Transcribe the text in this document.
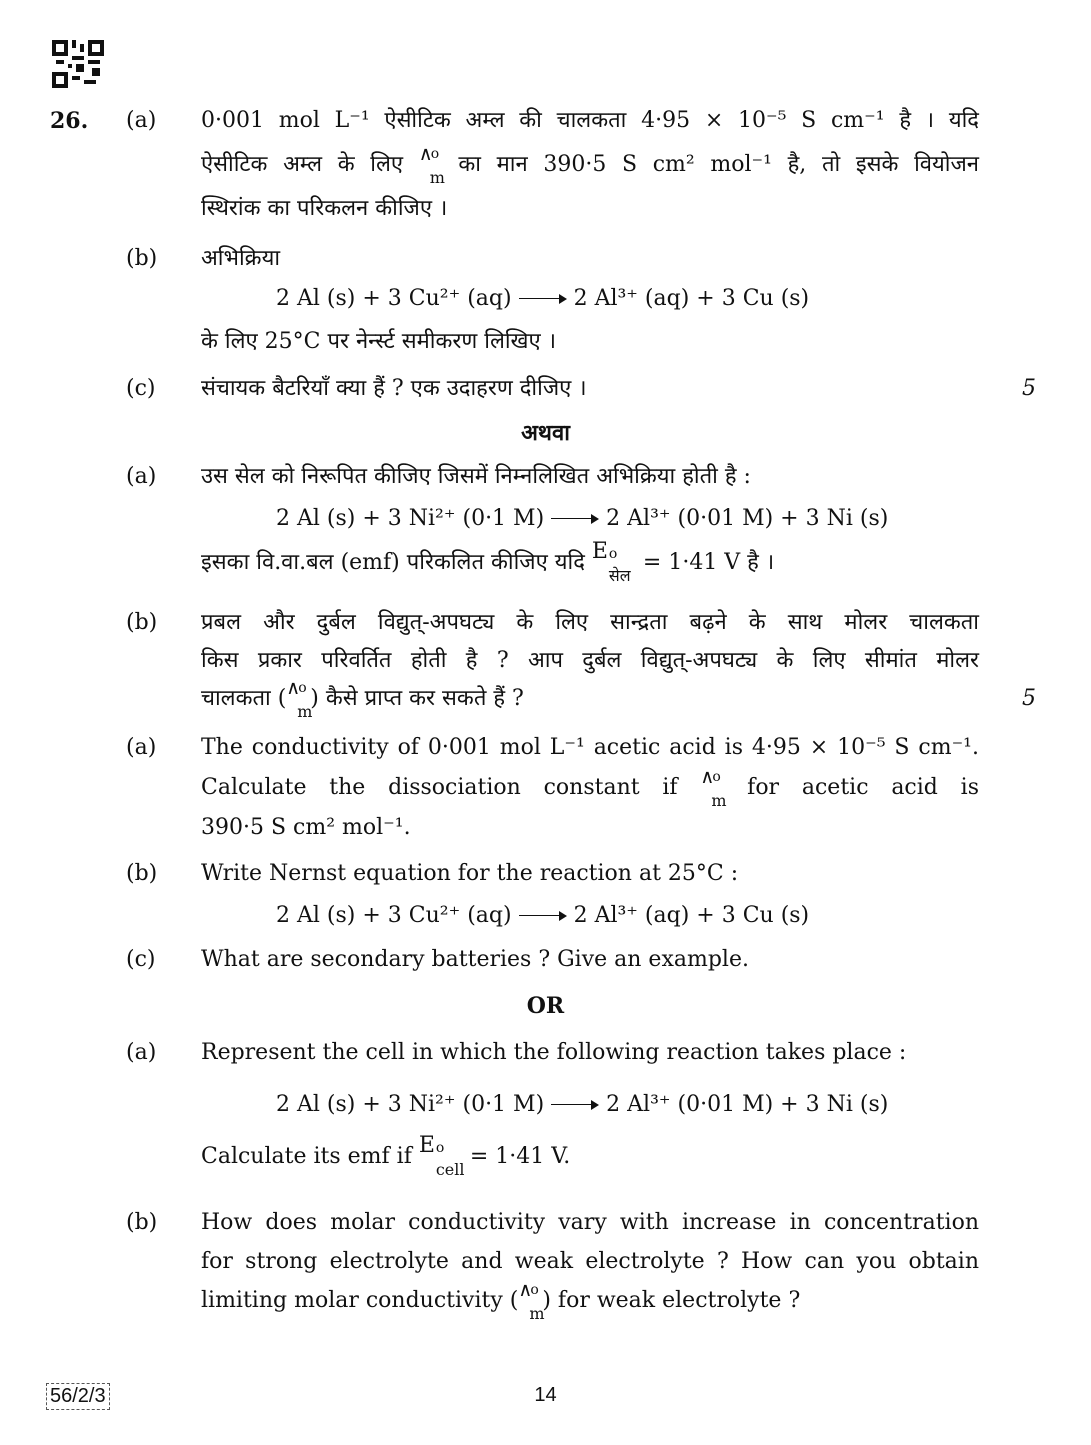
26. (a) 0·001 mol L⁻¹ ऐसीटिक अम्ल की चालकता 4·95 × 10⁻⁵ S cm⁻¹ है । यदि
ऐसीटिक अम्ल के लिए ∧
o
m
का मान 390·5 S cm² mol⁻¹ है, तो इसके वियोजन
स्थिरांक का परिकलन कीजिए ।
(b) अभिक्रिया
2 Al (s) + 3 Cu²⁺ (aq)	2 Al³⁺ (aq) + 3 Cu (s)
के लिए 25°C पर नेर्न्स्ट समीकरण लिखिए ।
(c) संचायक बैटरियाँ क्या हैं ? एक उदाहरण दीजिए ।	5
अथवा
(a) उस सेल को निरूपित कीजिए जिसमें निम्नलिखित अभिक्रिया होती है :
2 Al (s) + 3 Ni²⁺ (0·1 M)	2 Al³⁺ (0·01 M) + 3 Ni (s)
इसका वि.वा.बल (emf) परिकलित कीजिए यदि E o
सेल
= 1·41 V है ।
(b) प्रबल और दुर्बल विद्युत्-अपघट्य के लिए सान्द्रता बढ़ने के साथ मोलर चालकता
किस प्रकार परिवर्तित होती है ? आप दुर्बल विद्युत्-अपघट्य के लिए सीमांत मोलर
चालकता ( ∧
o
m
) कैसे प्राप्त कर सकते हैं ?	5
(a) The conductivity of 0·001 mol L⁻¹ acetic acid is 4·95 × 10⁻⁵ S cm⁻¹.
Calculate the dissociation constant if ∧
o
m
for acetic acid is
390·5 S cm² mol⁻¹.
(b) Write Nernst equation for the reaction at 25°C :
2 Al (s) + 3 Cu²⁺ (aq)	2 Al³⁺ (aq) + 3 Cu (s)
(c) What are secondary batteries ? Give an example.
OR
(a) Represent the cell in which the following reaction takes place :
2 Al (s) + 3 Ni²⁺ (0·1 M)	2 Al³⁺ (0·01 M) + 3 Ni (s)
Calculate its emf if E o
cell
= 1·41 V.
(b) How does molar conductivity vary with increase in concentration
for strong electrolyte and weak electrolyte ? How can you obtain
limiting molar conductivity ( ∧
o
m
) for weak electrolyte ?
56/2/3	14
